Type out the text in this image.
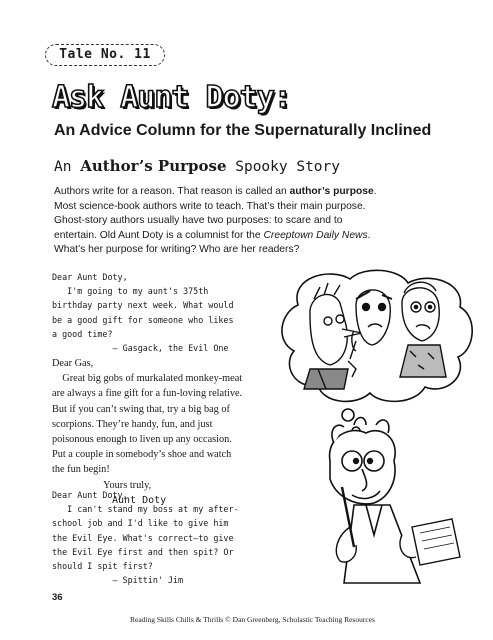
Tale No. 11
Ask Aunt Doty:
An Advice Column for the Supernaturally Inclined
An Author’s Purpose Spooky Story
Authors write for a reason. That reason is called an author’s purpose.
Most science-book authors write to teach. That’s their main purpose.
Ghost-story authors usually have two purposes: to scare and to
entertain. Old Aunt Doty is a columnist for the Creeptown Daily News.
What’s her purpose for writing? Who are her readers?
Dear Aunt Doty,
I'm going to my aunt's 375th
birthday party next week. What would
be a good gift for someone who likes
a good time?
— Gasgack, the Evil One
Dear Gas,
Great big gobs of murkalated monkey-meat
are always a fine gift for a fun-loving relative.
But if you can’t swing that, try a big bag of
scorpions. They’re handy, fun, and just
poisonous enough to liven up any occasion.
Put a couple in somebody’s shoe and watch
the fun begin!
Yours truly,
Aunt Doty
Dear Aunt Doty,
I can't stand my boss at my after-
school job and I'd like to give him
the Evil Eye. What's correct—to give
the Evil Eye first and then spit? Or
should I spit first?
— Spittin' Jim
36
Reading Skills Chills & Thrills © Dan Greenberg, Scholastic Teaching Resources
